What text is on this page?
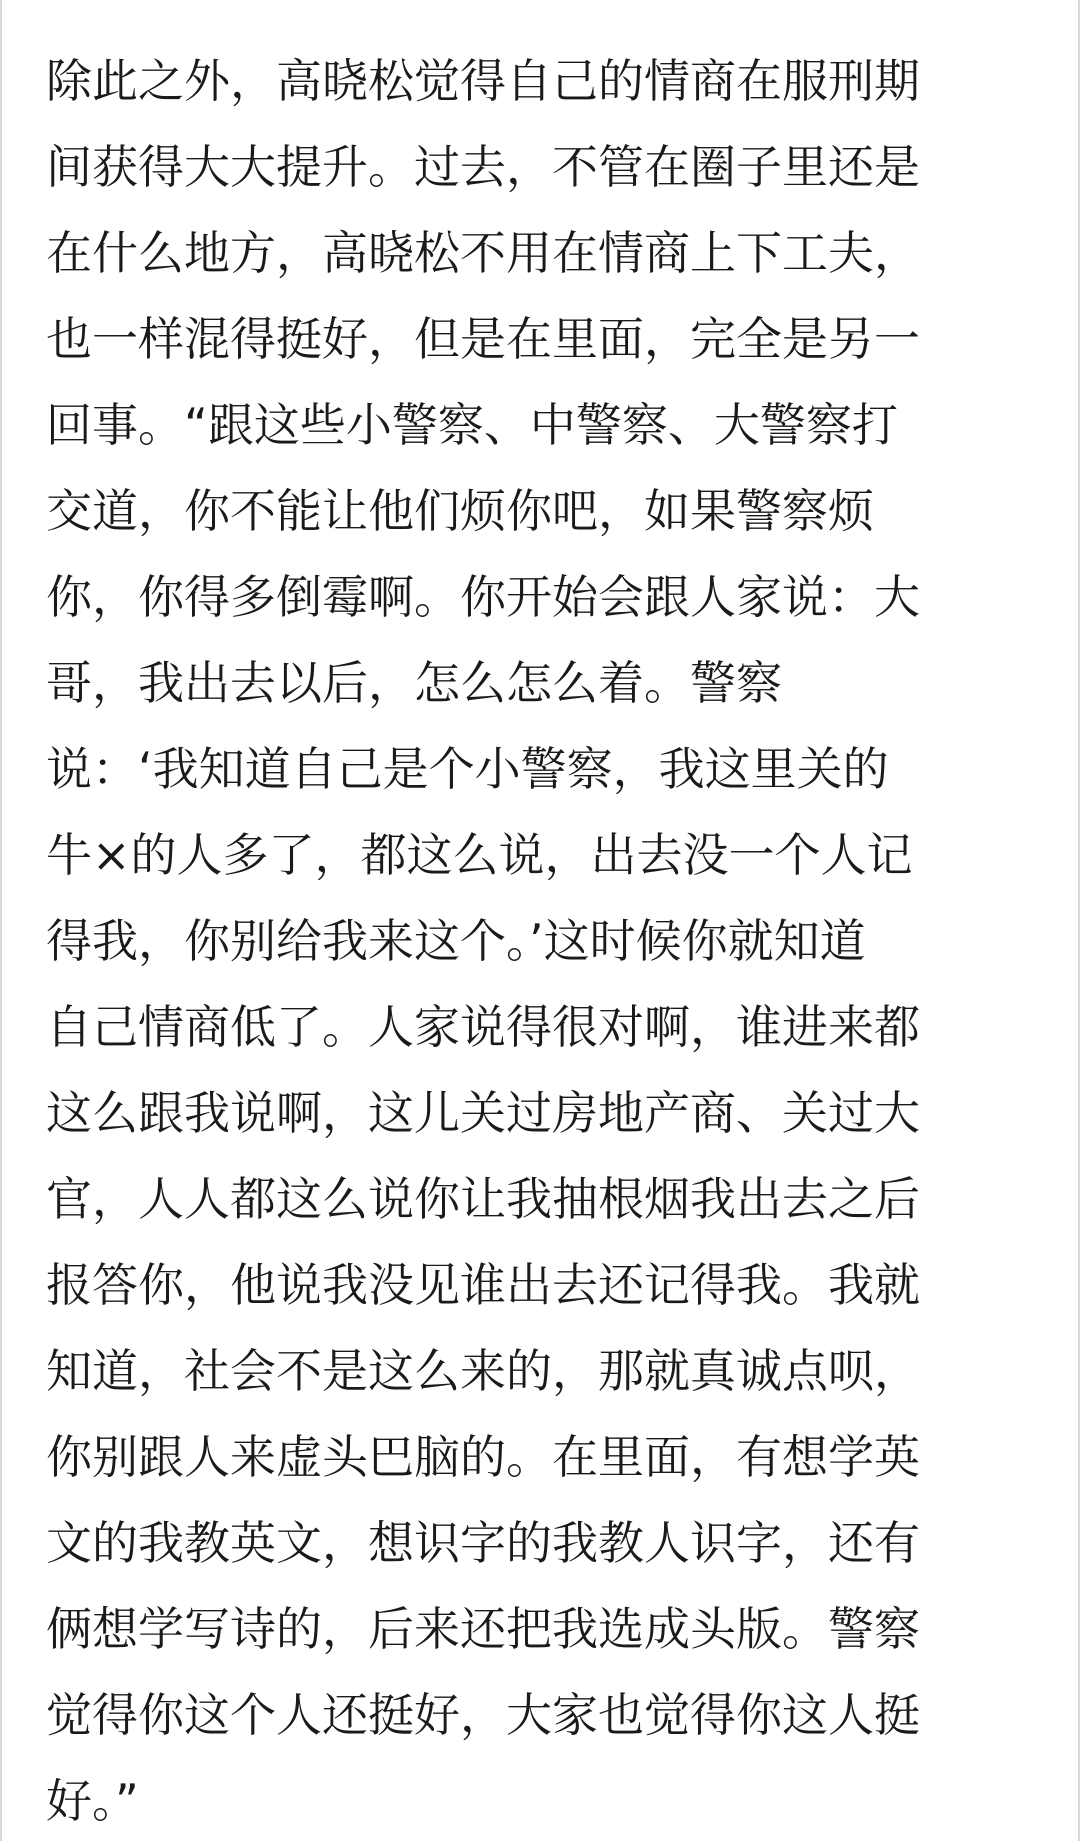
除此之外，高晓松觉得自己的情商在服刑期
间获得大大提升。过去，不管在圈子里还是
在什么地方，高晓松不用在情商上下工夫，
也一样混得挺好，但是在里面，完全是另一
回事。“跟这些小警察、中警察、大警察打
交道，你不能让他们烦你吧，如果警察烦
你，你得多倒霉啊。你开始会跟人家说：大
哥，我出去以后，怎么怎么着。警察
说：‘我知道自己是个小警察，我这里关的
牛×的人多了，都这么说，出去没一个人记
得我，你别给我来这个。’这时候你就知道
自己情商低了。人家说得很对啊，谁进来都
这么跟我说啊，这儿关过房地产商、关过大
官，人人都这么说你让我抽根烟我出去之后
报答你，他说我没见谁出去还记得我。我就
知道，社会不是这么来的，那就真诚点呗，
你别跟人来虚头巴脑的。在里面，有想学英
文的我教英文，想识字的我教人识字，还有
俩想学写诗的，后来还把我选成头版。警察
觉得你这个人还挺好，大家也觉得你这人挺
好。”
